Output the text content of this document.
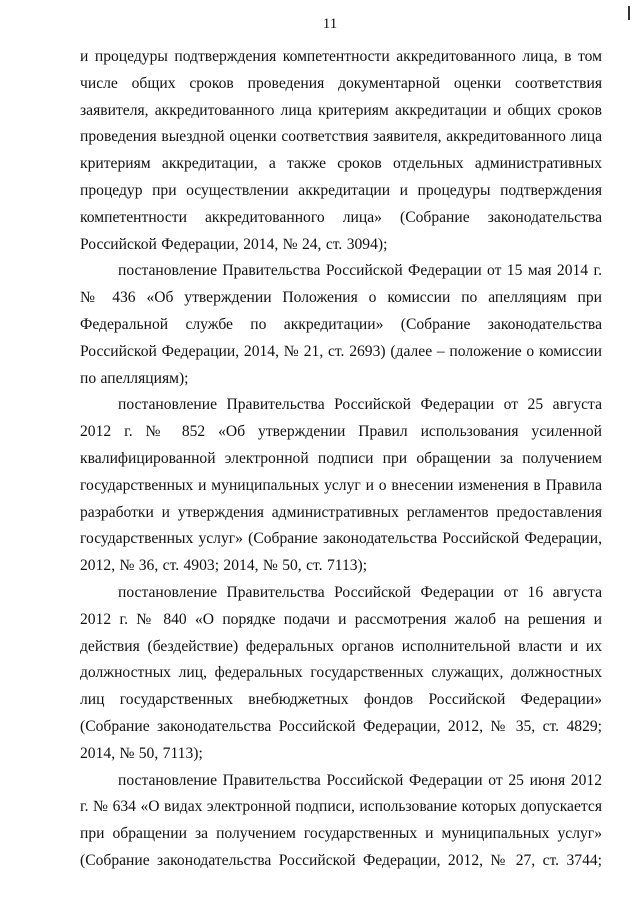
11

и процедуры подтверждения компетентности аккредитованного лица, в том числе общих сроков проведения документарной оценки соответствия заявителя, аккредитованного лица критериям аккредитации и общих сроков проведения выездной оценки соответствия заявителя, аккредитованного лица критериям аккредитации, а также сроков отдельных административных процедур при осуществлении аккредитации и процедуры подтверждения компетентности аккредитованного лица» (Собрание законодательства Российской Федерации, 2014, № 24, ст. 3094);

постановление Правительства Российской Федерации от 15 мая 2014 г. № 436 «Об утверждении Положения о комиссии по апелляциям при Федеральной службе по аккредитации» (Собрание законодательства Российской Федерации, 2014, № 21, ст. 2693) (далее – положение о комиссии по апелляциям);

постановление Правительства Российской Федерации от 25 августа 2012 г. № 852 «Об утверждении Правил использования усиленной квалифицированной электронной подписи при обращении за получением государственных и муниципальных услуг и о внесении изменения в Правила разработки и утверждения административных регламентов предоставления государственных услуг» (Собрание законодательства Российской Федерации, 2012, № 36, ст. 4903; 2014, № 50, ст. 7113);

постановление Правительства Российской Федерации от 16 августа 2012 г. № 840 «О порядке подачи и рассмотрения жалоб на решения и действия (бездействие) федеральных органов исполнительной власти и их должностных лиц, федеральных государственных служащих, должностных лиц государственных внебюджетных фондов Российской Федерации» (Собрание законодательства Российской Федерации, 2012, № 35, ст. 4829; 2014, № 50, 7113);

постановление Правительства Российской Федерации от 25 июня 2012 г. № 634 «О видах электронной подписи, использование которых допускается при обращении за получением государственных и муниципальных услуг» (Собрание законодательства Российской Федерации, 2012, № 27, ст. 3744;
